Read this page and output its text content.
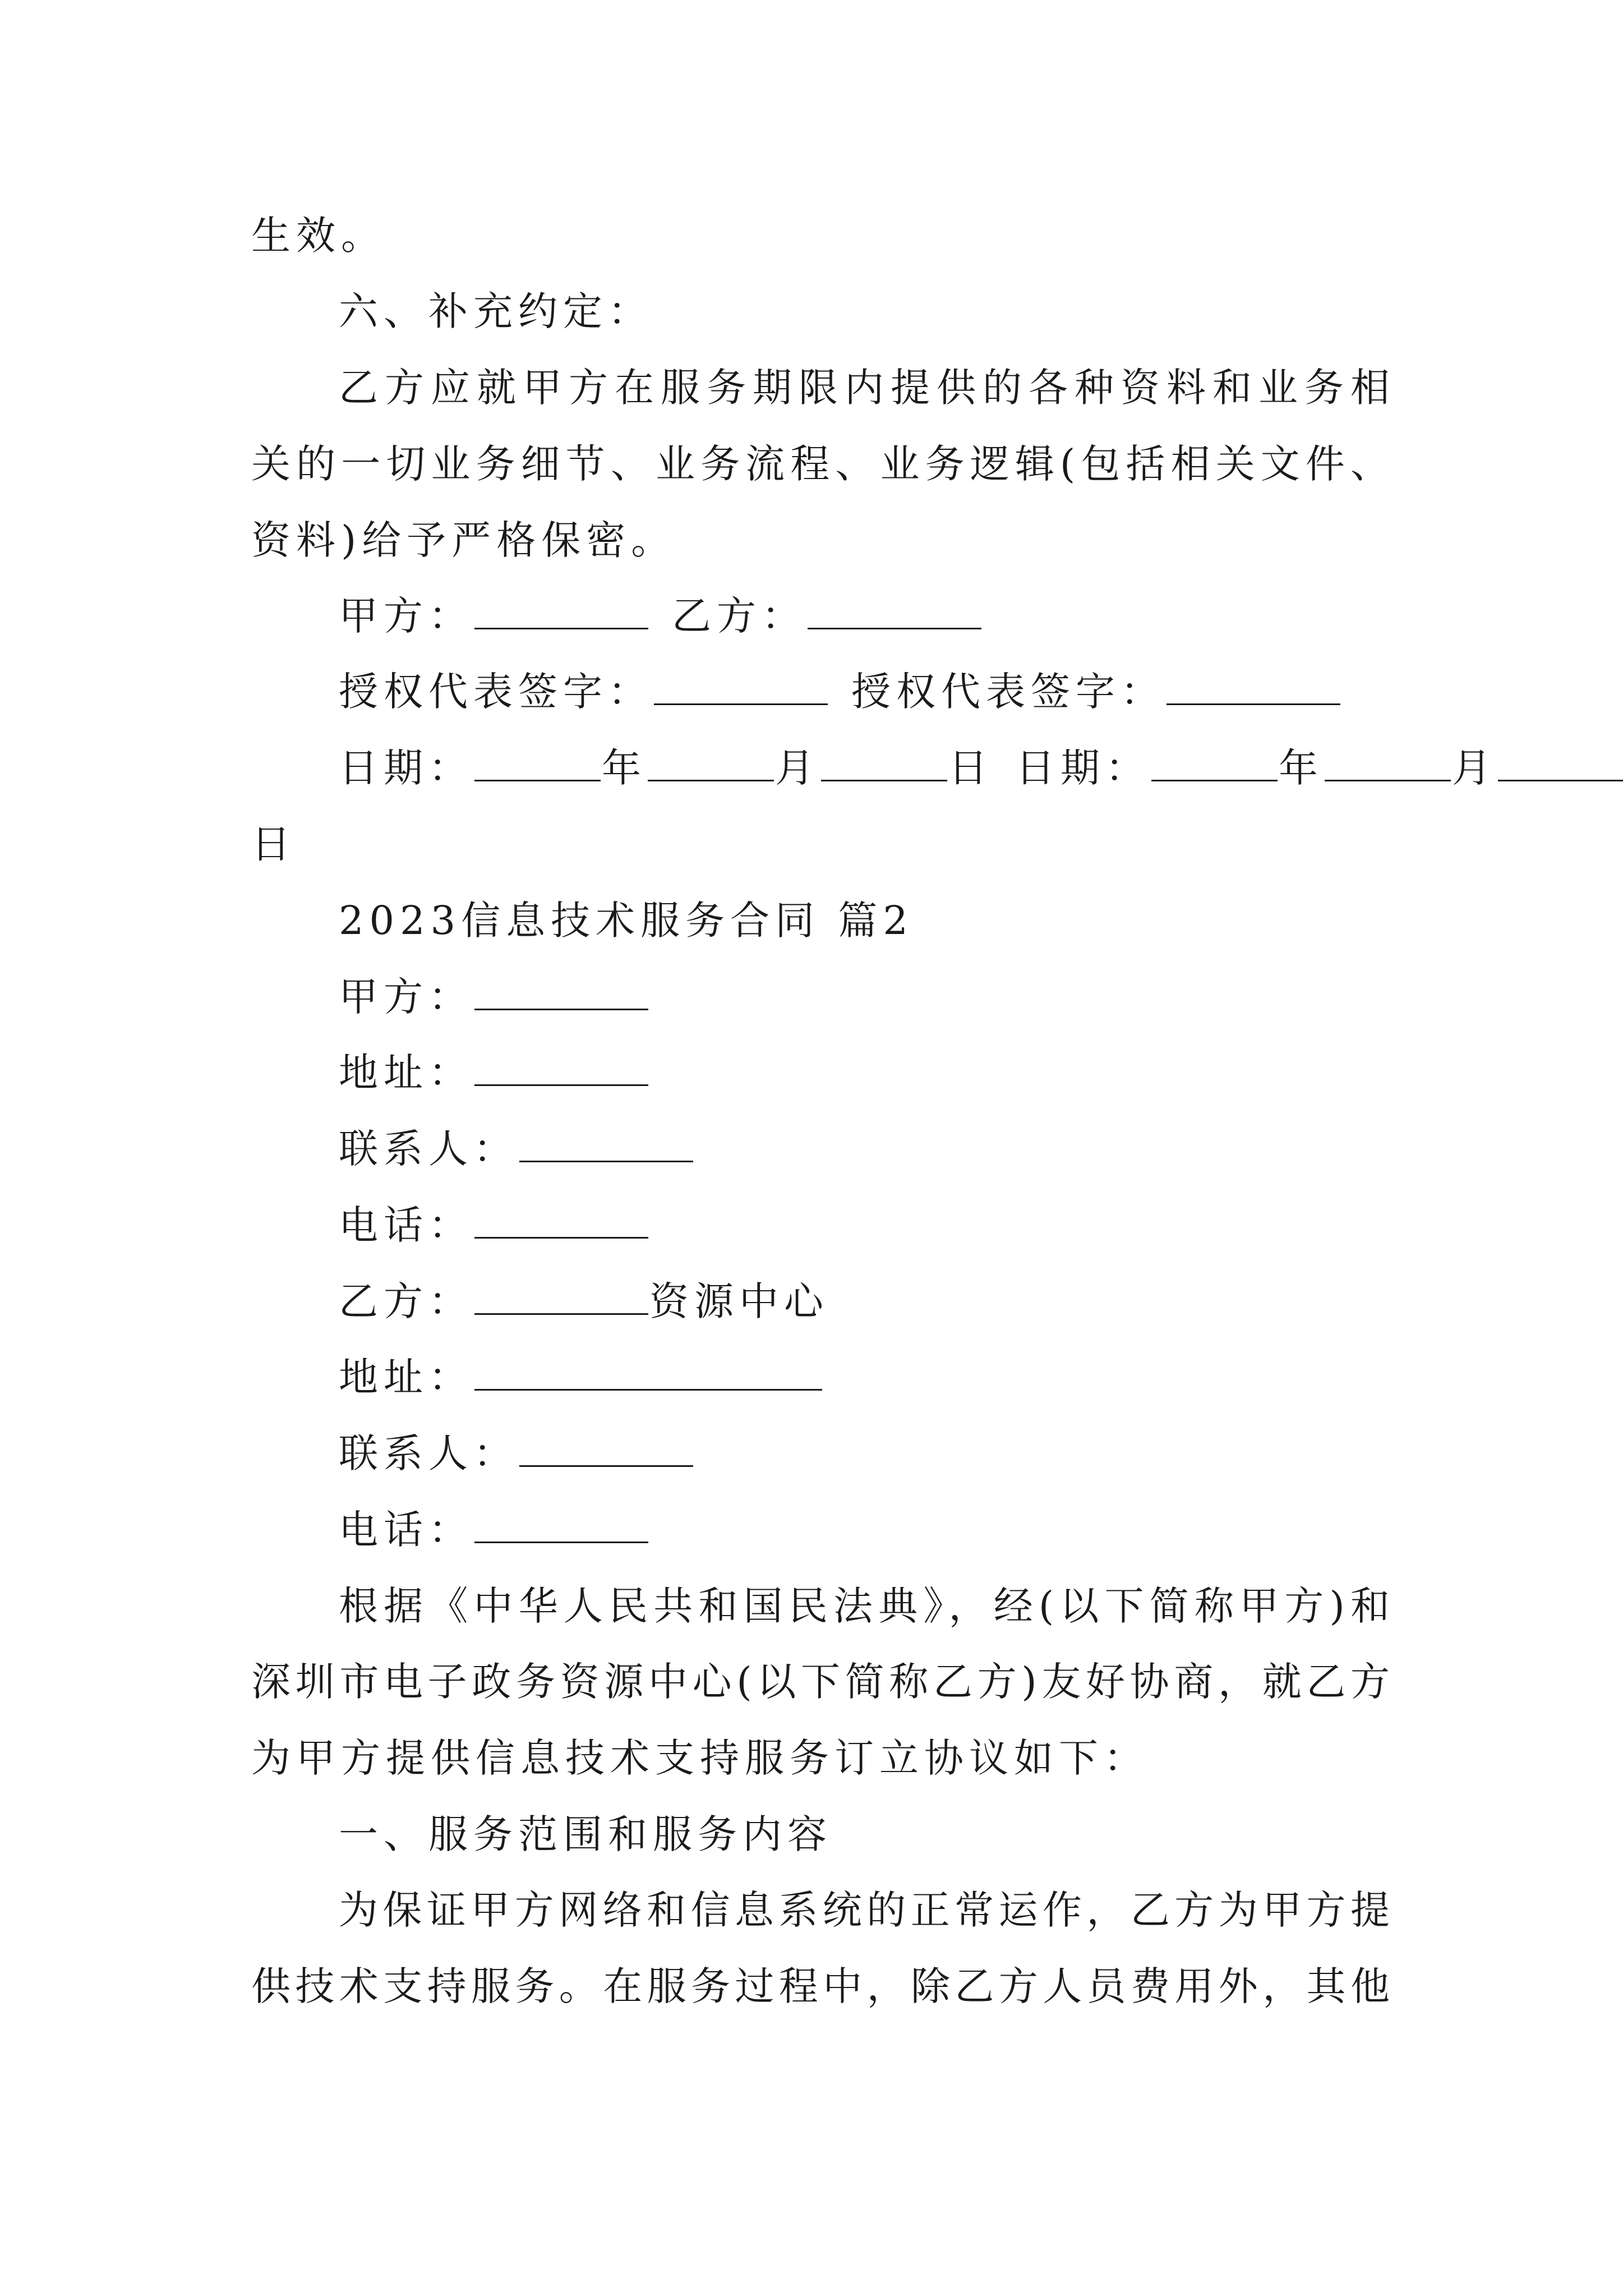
生效。
六、补充约定：
乙方应就甲方在服务期限内提供的各种资料和业务相
关的一切业务细节、业务流程、业务逻辑(包括相关文件、
资料)给予严格保密。
甲方：	乙方：
授权代表签字：	授权代表签字：
日期：	年	月	日 日期：	年	月
日
2023信息技术服务合同 篇2
甲方：
地址：
联系人：
电话：
乙方：	资源中心
地址：
联系人：
电话：
根据《中华人民共和国民法典》，经(以下简称甲方)和
深圳市电子政务资源中心(以下简称乙方)友好协商，就乙方
为甲方提供信息技术支持服务订立协议如下：
一、服务范围和服务内容
为保证甲方网络和信息系统的正常运作，乙方为甲方提
供技术支持服务。在服务过程中，除乙方人员费用外，其他
